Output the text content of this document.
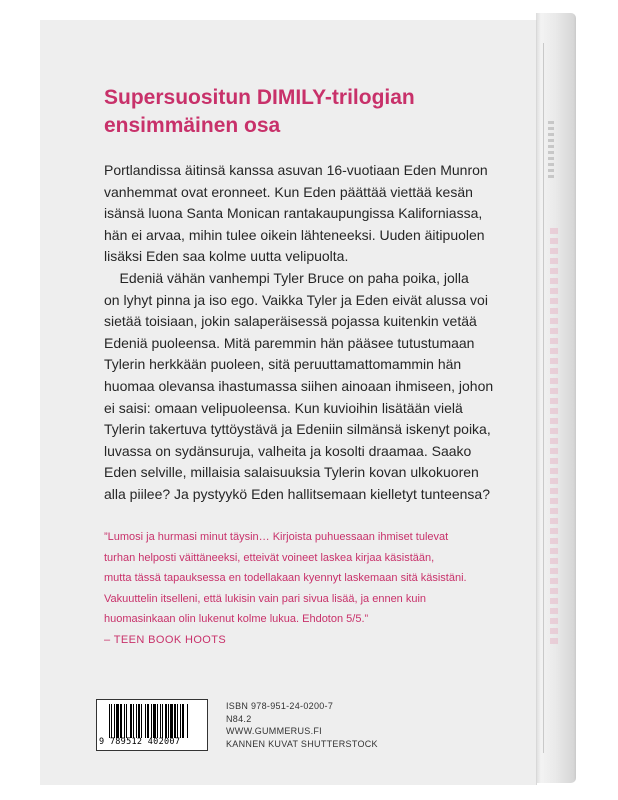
Supersuositun DIMILY-trilogian
ensimmäinen osa

Portlandissa äitinsä kanssa asuvan 16-vuotiaan Eden Munron
vanhemmat ovat eronneet. Kun Eden päättää viettää kesän
isänsä luona Santa Monican rantakaupungissa Kaliforniassa,
hän ei arvaa, mihin tulee oikein lähteneeksi. Uuden äitipuolen
lisäksi Eden saa kolme uutta velipuolta.

Edeniä vähän vanhempi Tyler Bruce on paha poika, jolla
on lyhyt pinna ja iso ego. Vaikka Tyler ja Eden eivät alussa voi
sietää toisiaan, jokin salaperäisessä pojassa kuitenkin vetää
Edeniä puoleensa. Mitä paremmin hän pääsee tutustumaan
Tylerin herkkään puoleen, sitä peruuttamattomammin hän
huomaa olevansa ihastumassa siihen ainoaan ihmiseen, johon
ei saisi: omaan velipuoleensa. Kun kuvioihin lisätään vielä
Tylerin takertuva tyttöystävä ja Edeniin silmänsä iskenyt poika,
luvassa on sydänsuruja, valheita ja kosolti draamaa. Saako
Eden selville, millaisia salaisuuksia Tylerin kovan ulkokuoren
alla piilee? Ja pystyykö Eden hallitsemaan kielletyt tunteensa?

”Lumosi ja hurmasi minut täysin… Kirjoista puhuessaan ihmiset tulevat
turhan helposti väittäneeksi, etteivät voineet laskea kirjaa käsistään,
mutta tässä tapauksessa en todellakaan kyennyt laskemaan sitä käsistäni.
Vakuuttelin itselleni, että lukisin vain pari sivua lisää, ja ennen kuin
huomasinkaan olin lukenut kolme lukua. Ehdoton 5/5.”

– TEEN BOOK HOOTS

9 789512 402007
ISBN 978-951-24-0200-7
N84.2
WWW.GUMMERUS.FI
KANNEN KUVAT SHUTTERSTOCK
